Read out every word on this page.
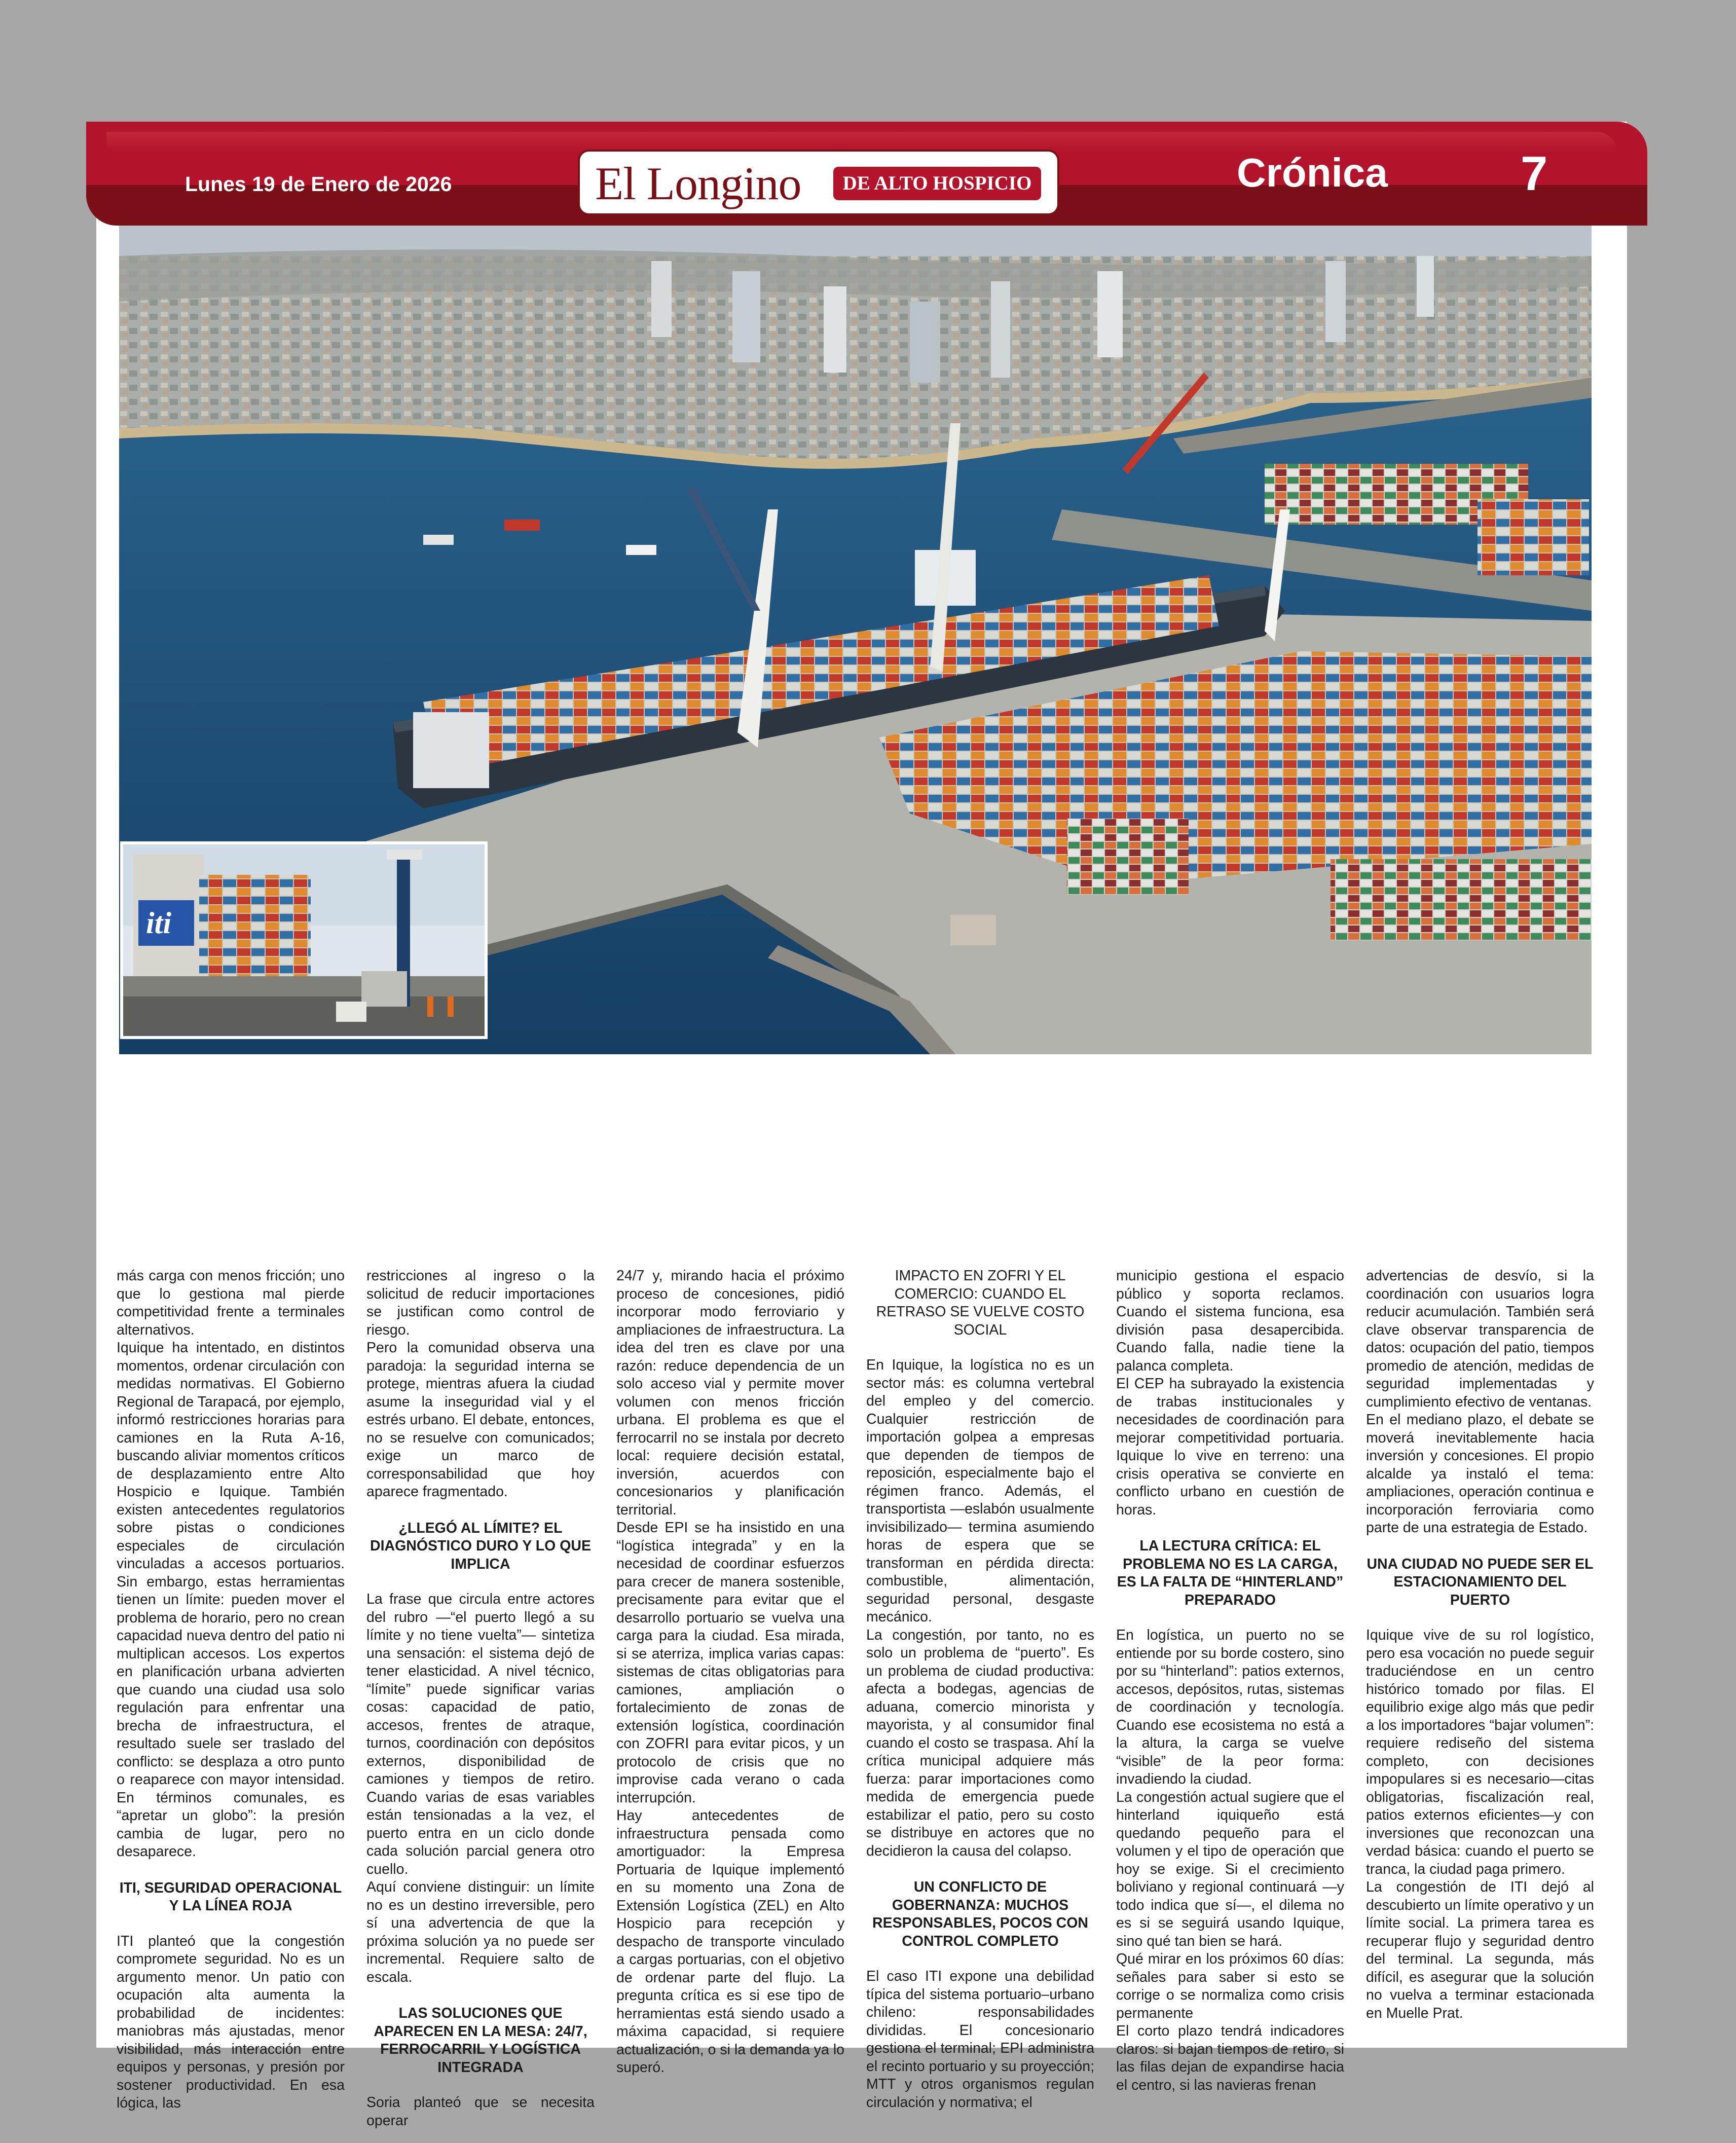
Lunes 19 de Enero de 2026	El Longino	DE ALTO HOSPICIO	Crónica	7
iti

más carga con menos fricción; uno que lo gestiona mal pierde competitividad frente a terminales alternativos.

Iquique ha intentado, en distintos momentos, ordenar circulación con medidas normativas. El Gobierno Regional de Tarapacá, por ejemplo, informó restricciones horarias para camiones en la Ruta A-16, buscando aliviar momentos críticos de desplazamiento entre Alto Hospicio e Iquique. También existen antecedentes regulatorios sobre pistas o condiciones especiales de circulación vinculadas a accesos portuarios. Sin embargo, estas herramientas tienen un límite: pueden mover el problema de horario, pero no crean capacidad nueva dentro del patio ni multiplican accesos. Los expertos en planificación urbana advierten que cuando una ciudad usa solo regulación para enfrentar una brecha de infraestructura, el resultado suele ser traslado del conflicto: se desplaza a otro punto o reaparece con mayor intensidad. En términos comunales, es “apretar un globo”: la presión cambia de lugar, pero no desaparece.

ITI, SEGURIDAD OPERACIONAL Y LA LÍNEA ROJA

ITI planteó que la congestión compromete seguridad. No es un argumento menor. Un patio con ocupación alta aumenta la probabilidad de incidentes: maniobras más ajustadas, menor visibilidad, más interacción entre equipos y personas, y presión por sostener productividad. En esa lógica, las

restricciones al ingreso o la solicitud de reducir importaciones se justifican como control de riesgo.

Pero la comunidad observa una paradoja: la seguridad interna se protege, mientras afuera la ciudad asume la inseguridad vial y el estrés urbano. El debate, entonces, no se resuelve con comunicados; exige un marco de corresponsabilidad que hoy aparece fragmentado.

¿LLEGÓ AL LÍMITE? EL DIAGNÓSTICO DURO Y LO QUE IMPLICA

La frase que circula entre actores del rubro —“el puerto llegó a su límite y no tiene vuelta”— sintetiza una sensación: el sistema dejó de tener elasticidad. A nivel técnico, “límite” puede significar varias cosas: capacidad de patio, accesos, frentes de atraque, turnos, coordinación con depósitos externos, disponibilidad de camiones y tiempos de retiro. Cuando varias de esas variables están tensionadas a la vez, el puerto entra en un ciclo donde cada solución parcial genera otro cuello.

Aquí conviene distinguir: un límite no es un destino irreversible, pero sí una advertencia de que la próxima solución ya no puede ser incremental. Requiere salto de escala.

LAS SOLUCIONES QUE APARECEN EN LA MESA: 24/7, FERROCARRIL Y LOGÍSTICA INTEGRADA

Soria planteó que se necesita operar

24/7 y, mirando hacia el próximo proceso de concesiones, pidió incorporar modo ferroviario y ampliaciones de infraestructura. La idea del tren es clave por una razón: reduce dependencia de un solo acceso vial y permite mover volumen con menos fricción urbana. El problema es que el ferrocarril no se instala por decreto local: requiere decisión estatal, inversión, acuerdos con concesionarios y planificación territorial.

Desde EPI se ha insistido en una “logística integrada” y en la necesidad de coordinar esfuerzos para crecer de manera sostenible, precisamente para evitar que el desarrollo portuario se vuelva una carga para la ciudad. Esa mirada, si se aterriza, implica varias capas: sistemas de citas obligatorias para camiones, ampliación o fortalecimiento de zonas de extensión logística, coordinación con ZOFRI para evitar picos, y un protocolo de crisis que no improvise cada verano o cada interrupción.

Hay antecedentes de infraestructura pensada como amortiguador: la Empresa Portuaria de Iquique implementó en su momento una Zona de Extensión Logística (ZEL) en Alto Hospicio para recepción y despacho de transporte vinculado a cargas portuarias, con el objetivo de ordenar parte del flujo. La pregunta crítica es si ese tipo de herramientas está siendo usado a máxima capacidad, si requiere actualización, o si la demanda ya lo superó.

IMPACTO EN ZOFRI Y EL COMERCIO: CUANDO EL RETRASO SE VUELVE COSTO SOCIAL

En Iquique, la logística no es un sector más: es columna vertebral del empleo y del comercio. Cualquier restricción de importación golpea a empresas que dependen de tiempos de reposición, especialmente bajo el régimen franco. Además, el transportista —eslabón usualmente invisibilizado— termina asumiendo horas de espera que se transforman en pérdida directa: combustible, alimentación, seguridad personal, desgaste mecánico.

La congestión, por tanto, no es solo un problema de “puerto”. Es un problema de ciudad productiva: afecta a bodegas, agencias de aduana, comercio minorista y mayorista, y al consumidor final cuando el costo se traspasa. Ahí la crítica municipal adquiere más fuerza: parar importaciones como medida de emergencia puede estabilizar el patio, pero su costo se distribuye en actores que no decidieron la causa del colapso.

UN CONFLICTO DE GOBERNANZA: MUCHOS RESPONSABLES, POCOS CON CONTROL COMPLETO

El caso ITI expone una debilidad típica del sistema portuario–urbano chileno: responsabilidades divididas. El concesionario gestiona el terminal; EPI administra el recinto portuario y su proyección; MTT y otros organismos regulan circulación y normativa; el

municipio gestiona el espacio público y soporta reclamos. Cuando el sistema funciona, esa división pasa desapercibida. Cuando falla, nadie tiene la palanca completa.

El CEP ha subrayado la existencia de trabas institucionales y necesidades de coordinación para mejorar competitividad portuaria. Iquique lo vive en terreno: una crisis operativa se convierte en conflicto urbano en cuestión de horas.

LA LECTURA CRÍTICA: EL PROBLEMA NO ES LA CARGA, ES LA FALTA DE “HINTERLAND” PREPARADO

En logística, un puerto no se entiende por su borde costero, sino por su “hinterland”: patios externos, accesos, depósitos, rutas, sistemas de coordinación y tecnología. Cuando ese ecosistema no está a la altura, la carga se vuelve “visible” de la peor forma: invadiendo la ciudad.

La congestión actual sugiere que el hinterland iquiqueño está quedando pequeño para el volumen y el tipo de operación que hoy se exige. Si el crecimiento boliviano y regional continuará —y todo indica que sí—, el dilema no es si se seguirá usando Iquique, sino qué tan bien se hará.

Qué mirar en los próximos 60 días: señales para saber si esto se corrige o se normaliza como crisis permanente

El corto plazo tendrá indicadores claros: si bajan tiempos de retiro, si las filas dejan de expandirse hacia el centro, si las navieras frenan

advertencias de desvío, si la coordinación con usuarios logra reducir acumulación. También será clave observar transparencia de datos: ocupación del patio, tiempos promedio de atención, medidas de seguridad implementadas y cumplimiento efectivo de ventanas.

En el mediano plazo, el debate se moverá inevitablemente hacia inversión y concesiones. El propio alcalde ya instaló el tema: ampliaciones, operación continua e incorporación ferroviaria como parte de una estrategia de Estado.

UNA CIUDAD NO PUEDE SER EL ESTACIONAMIENTO DEL PUERTO

Iquique vive de su rol logístico, pero esa vocación no puede seguir traduciéndose en un centro histórico tomado por filas. El equilibrio exige algo más que pedir a los importadores “bajar volumen”: requiere rediseño del sistema completo, con decisiones impopulares si es necesario—citas obligatorias, fiscalización real, patios externos eficientes—y con inversiones que reconozcan una verdad básica: cuando el puerto se tranca, la ciudad paga primero.

La congestión de ITI dejó al descubierto un límite operativo y un límite social. La primera tarea es recuperar flujo y seguridad dentro del terminal. La segunda, más difícil, es asegurar que la solución no vuelva a terminar estacionada en Muelle Prat.
